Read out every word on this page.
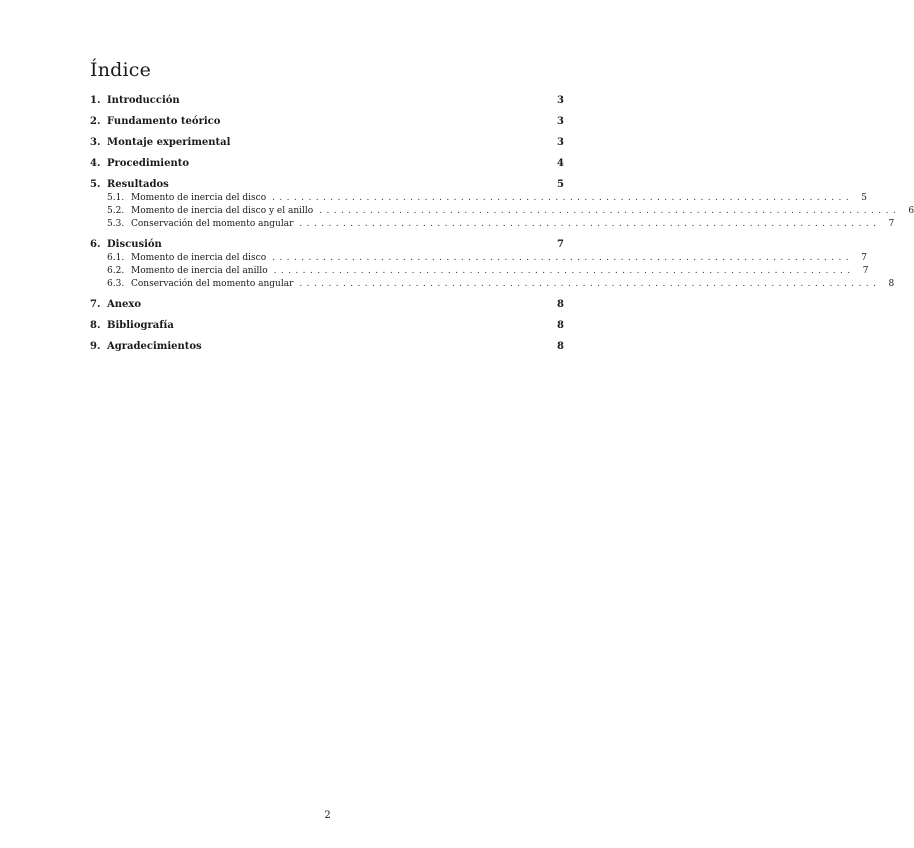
Índice
1. Introducción	3
2. Fundamento teórico	3
3. Montaje experimental	3
4. Procedimiento	4
5. Resultados	5
5.1. Momento de inercia del disco ................................................................................ 5
5.2. Momento de inercia del disco y el anillo ................................................................................ 6
5.3. Conservación del momento angular ................................................................................ 7
6. Discusión	7
6.1. Momento de inercia del disco ................................................................................ 7
6.2. Momento de inercia del anillo ................................................................................ 7
6.3. Conservación del momento angular ................................................................................ 8
7. Anexo	8
8. Bibliografía	8
9. Agradecimientos	8
2
